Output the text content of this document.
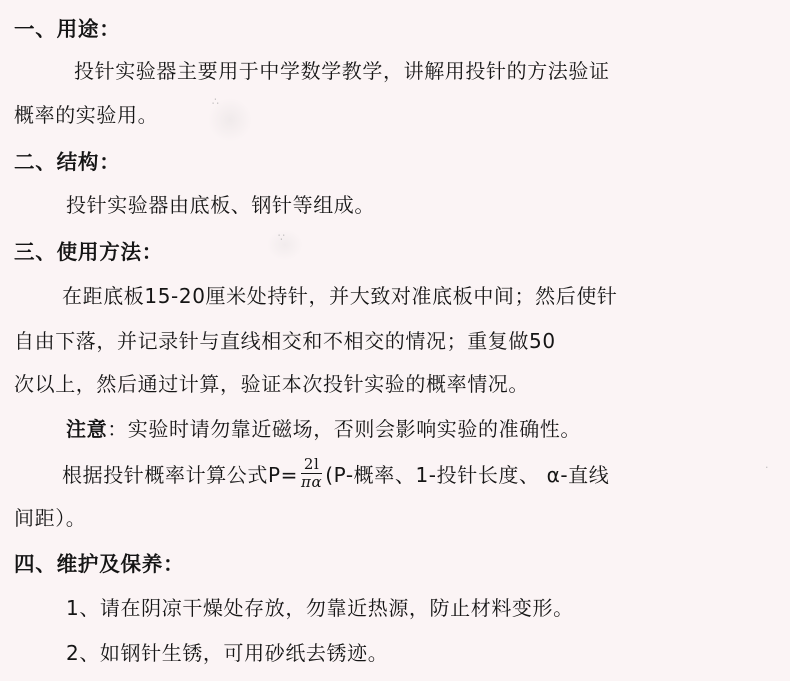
一、用途：
投针实验器主要用于中学数学教学，讲解用投针的方法验证
概率的实验用。
二、结构：
投针实验器由底板、钢针等组成。
三、使用方法：
在距底板15-20厘米处持针，并大致对准底板中间；然后使针
自由下落，并记录针与直线相交和不相交的情况；重复做50
次以上，然后通过计算，验证本次投针实验的概率情况。
注意：实验时请勿靠近磁场，否则会影响实验的准确性。
根据投针概率计算公式$P= \frac{2l}{\pi\alpha} (P-$概率、1-投针长度、 α-直线
间距）。
四、维护及保养：
1、请在阴凉干燥处存放，勿靠近热源，防止材料变形。
2、如钢针生锈，可用砂纸去锈迹。
∴
∵
·
